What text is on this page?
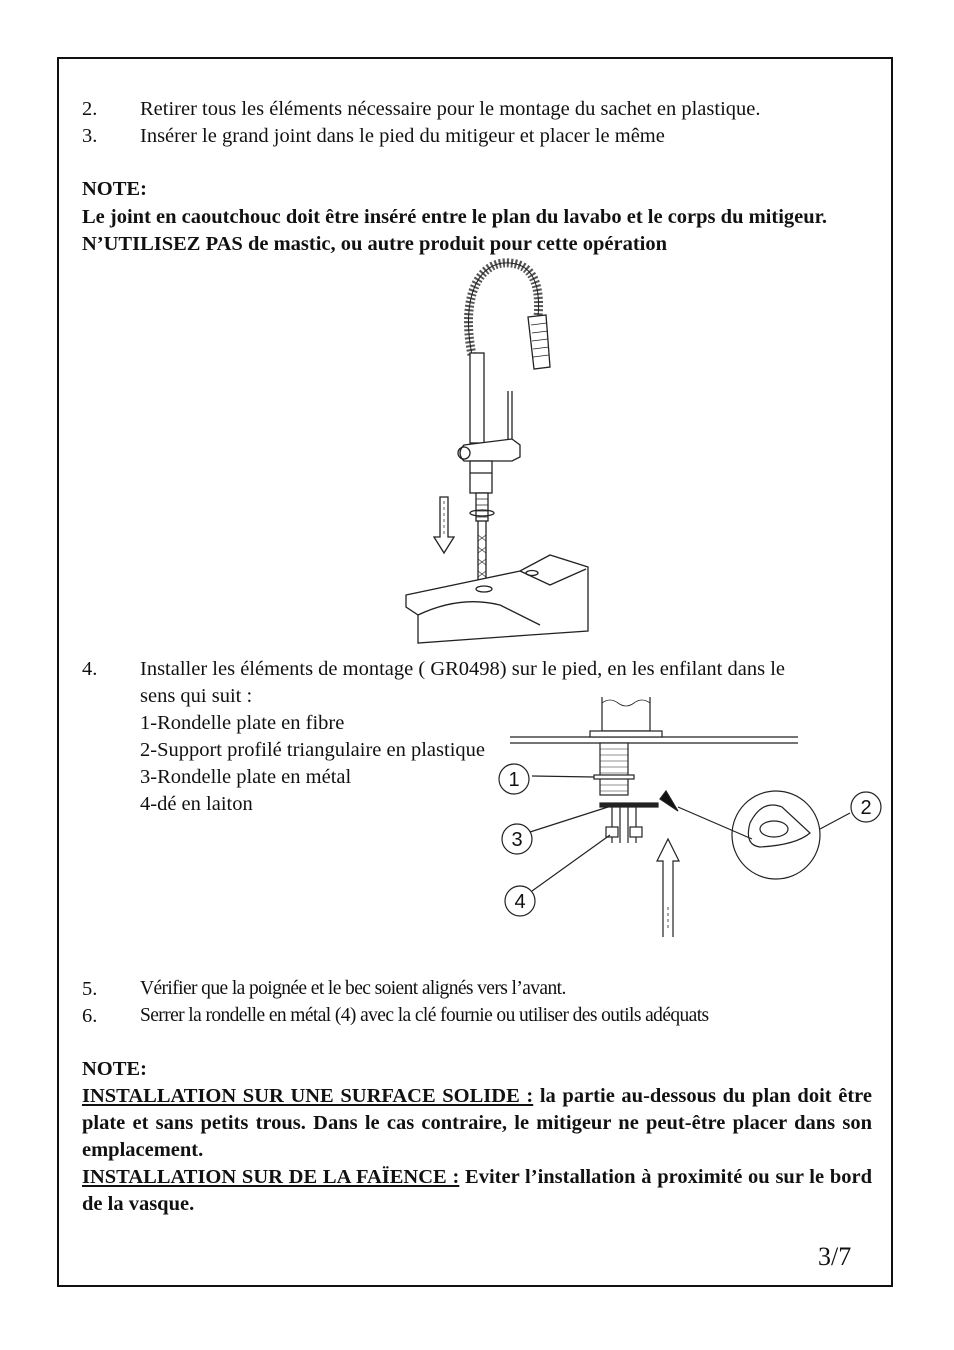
2. Retirer tous les éléments nécessaire pour le montage du sachet en plastique.
3. Insérer le grand joint dans le pied du mitigeur et placer le même
NOTE:
Le joint en caoutchouc doit être inséré entre le plan du lavabo et le corps du mitigeur.
N’UTILISEZ PAS de mastic, ou autre produit pour cette opération
4. Installer les éléments de montage ( GR0498) sur le pied, en les enfilant dans le
sens qui suit :
1-Rondelle plate en fibre
2-Support profilé triangulaire en plastique
3-Rondelle plate en métal
4-dé en laiton
1
2
3
4
5. Vérifier que la poignée et le bec soient alignés vers l’avant.
6. Serrer la rondelle en métal (4) avec la clé fournie ou utiliser des outils adéquats
NOTE:
INSTALLATION SUR UNE SURFACE SOLIDE : la partie au-dessous du plan doit être plate et sans petits trous. Dans le cas contraire, le mitigeur ne peut-être placer dans son emplacement.
INSTALLATION SUR DE LA FAÏENCE : Eviter l’installation à proximité ou sur le bord de la vasque.
3/7
